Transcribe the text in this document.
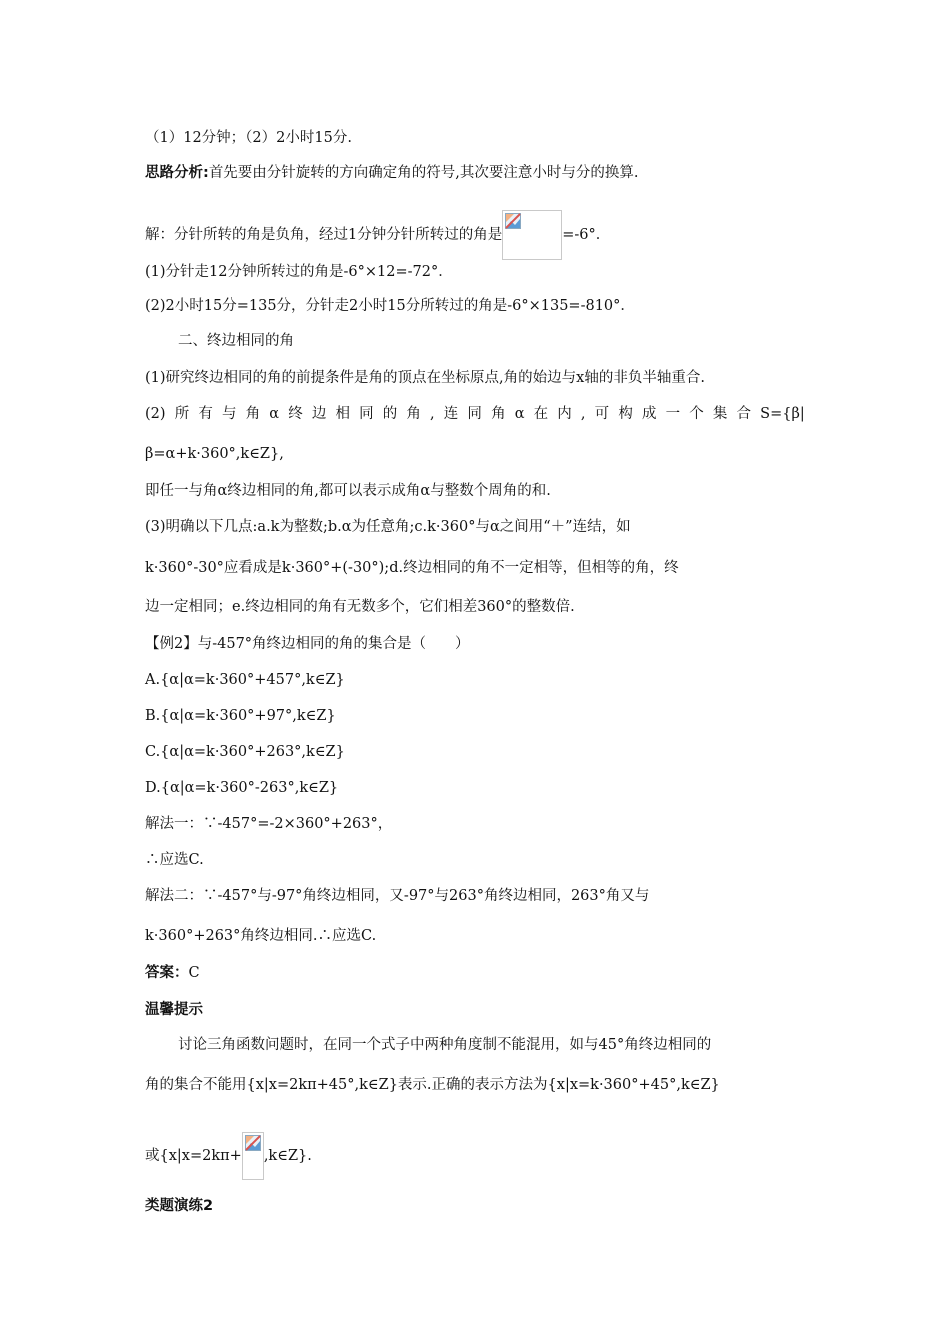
（1）12分钟；（2）2小时15分.
思路分析:首先要由分针旋转的方向确定角的符号,其次要注意小时与分的换算.
解：分针所转的角是负角，经过1分钟分针所转过的角是	=-6°．
(1)分针走12分钟所转过的角是-6°×12=-72°．
(2)2小时15分=135分，分针走2小时15分所转过的角是-6°×135=-810°．
二、终边相同的角
(1)研究终边相同的角的前提条件是角的顶点在坐标原点,角的始边与x轴的非负半轴重合.
(2) 所 有 与 角 α 终 边 相 同 的 角 , 连 同 角 α 在 内 , 可 构 成 一 个 集 合 S={β|
β=α+k·360°,k∈Z},
即任一与角α终边相同的角,都可以表示成角α与整数个周角的和.
(3)明确以下几点:a.k为整数;b.α为任意角;c.k·360°与α之间用“＋”连结，如
k·360°-30°应看成是k·360°+(-30°);d.终边相同的角不一定相等，但相等的角，终
边一定相同；e.终边相同的角有无数多个，它们相差360°的整数倍.
【例2】与-457°角终边相同的角的集合是（　　）
A.{α|α=k·360°+457°,k∈Z}
B.{α|α=k·360°+97°,k∈Z}
C.{α|α=k·360°+263°,k∈Z}
D.{α|α=k·360°-263°,k∈Z}
解法一：∵-457°=-2×360°+263°，
∴应选C.
解法二：∵-457°与-97°角终边相同，又-97°与263°角终边相同，263°角又与
k·360°+263°角终边相同.∴应选C.
答案：C
温馨提示
讨论三角函数问题时，在同一个式子中两种角度制不能混用，如与45°角终边相同的
角的集合不能用{x|x=2kπ+45°,k∈Z}表示.正确的表示方法为{x|x=k·360°+45°,k∈Z}
或{x|x=2kπ+ ,k∈Z}.
类题演练2
